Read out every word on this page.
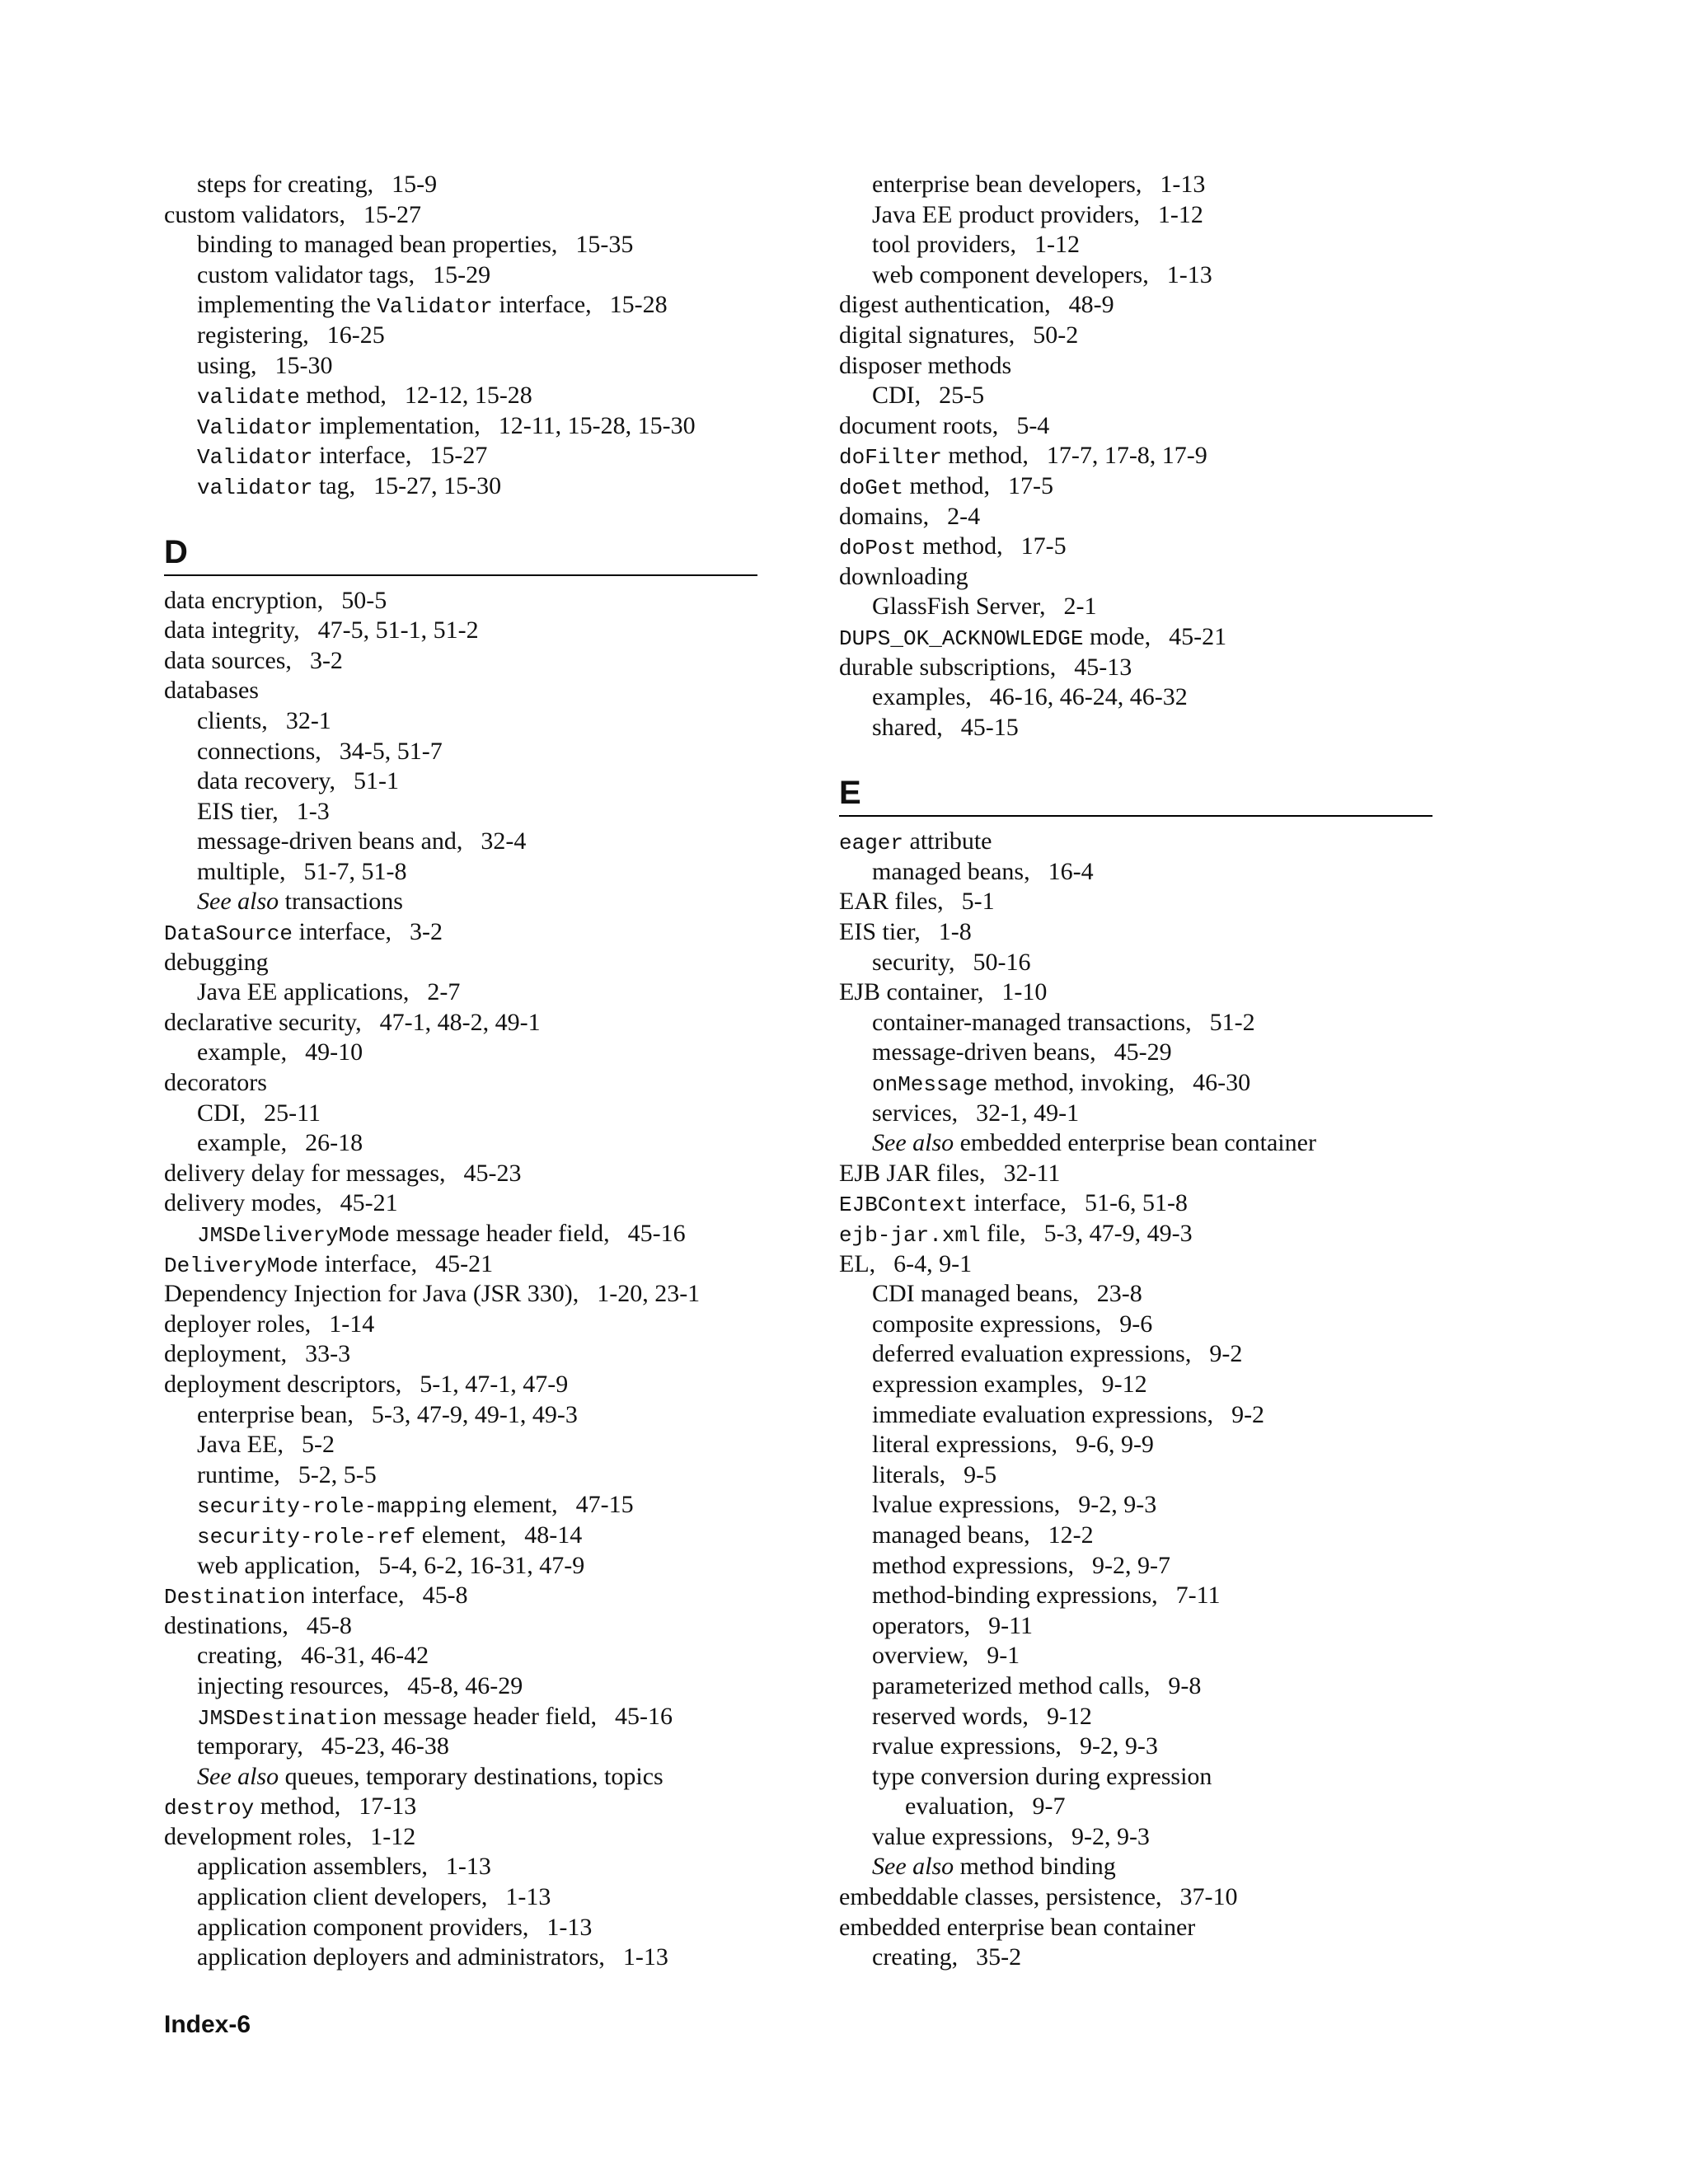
steps for creating, 15-9
custom validators, 15-27
binding to managed bean properties, 15-35
custom validator tags, 15-29
implementing the Validator interface, 15-28
registering, 16-25
using, 15-30
validate method, 12-12, 15-28
Validator implementation, 12-11, 15-28, 15-30
Validator interface, 15-27
validator tag, 15-27, 15-30
D
data encryption, 50-5
data integrity, 47-5, 51-1, 51-2
data sources, 3-2
databases
clients, 32-1
connections, 34-5, 51-7
data recovery, 51-1
EIS tier, 1-3
message-driven beans and, 32-4
multiple, 51-7, 51-8
See also transactions
DataSource interface, 3-2
debugging
Java EE applications, 2-7
declarative security, 47-1, 48-2, 49-1
example, 49-10
decorators
CDI, 25-11
example, 26-18
delivery delay for messages, 45-23
delivery modes, 45-21
JMSDeliveryMode message header field, 45-16
DeliveryMode interface, 45-21
Dependency Injection for Java (JSR 330), 1-20, 23-1
deployer roles, 1-14
deployment, 33-3
deployment descriptors, 5-1, 47-1, 47-9
enterprise bean, 5-3, 47-9, 49-1, 49-3
Java EE, 5-2
runtime, 5-2, 5-5
security-role-mapping element, 47-15
security-role-ref element, 48-14
web application, 5-4, 6-2, 16-31, 47-9
Destination interface, 45-8
destinations, 45-8
creating, 46-31, 46-42
injecting resources, 45-8, 46-29
JMSDestination message header field, 45-16
temporary, 45-23, 46-38
See also queues, temporary destinations, topics
destroy method, 17-13
development roles, 1-12
application assemblers, 1-13
application client developers, 1-13
application component providers, 1-13
application deployers and administrators, 1-13
enterprise bean developers, 1-13
Java EE product providers, 1-12
tool providers, 1-12
web component developers, 1-13
digest authentication, 48-9
digital signatures, 50-2
disposer methods
CDI, 25-5
document roots, 5-4
doFilter method, 17-7, 17-8, 17-9
doGet method, 17-5
domains, 2-4
doPost method, 17-5
downloading
GlassFish Server, 2-1
DUPS_OK_ACKNOWLEDGE mode, 45-21
durable subscriptions, 45-13
examples, 46-16, 46-24, 46-32
shared, 45-15
E
eager attribute
managed beans, 16-4
EAR files, 5-1
EIS tier, 1-8
security, 50-16
EJB container, 1-10
container-managed transactions, 51-2
message-driven beans, 45-29
onMessage method, invoking, 46-30
services, 32-1, 49-1
See also embedded enterprise bean container
EJB JAR files, 32-11
EJBContext interface, 51-6, 51-8
ejb-jar.xml file, 5-3, 47-9, 49-3
EL, 6-4, 9-1
CDI managed beans, 23-8
composite expressions, 9-6
deferred evaluation expressions, 9-2
expression examples, 9-12
immediate evaluation expressions, 9-2
literal expressions, 9-6, 9-9
literals, 9-5
lvalue expressions, 9-2, 9-3
managed beans, 12-2
method expressions, 9-2, 9-7
method-binding expressions, 7-11
operators, 9-11
overview, 9-1
parameterized method calls, 9-8
reserved words, 9-12
rvalue expressions, 9-2, 9-3
type conversion during expression
evaluation, 9-7
value expressions, 9-2, 9-3
See also method binding
embeddable classes, persistence, 37-10
embedded enterprise bean container
creating, 35-2
Index-6
